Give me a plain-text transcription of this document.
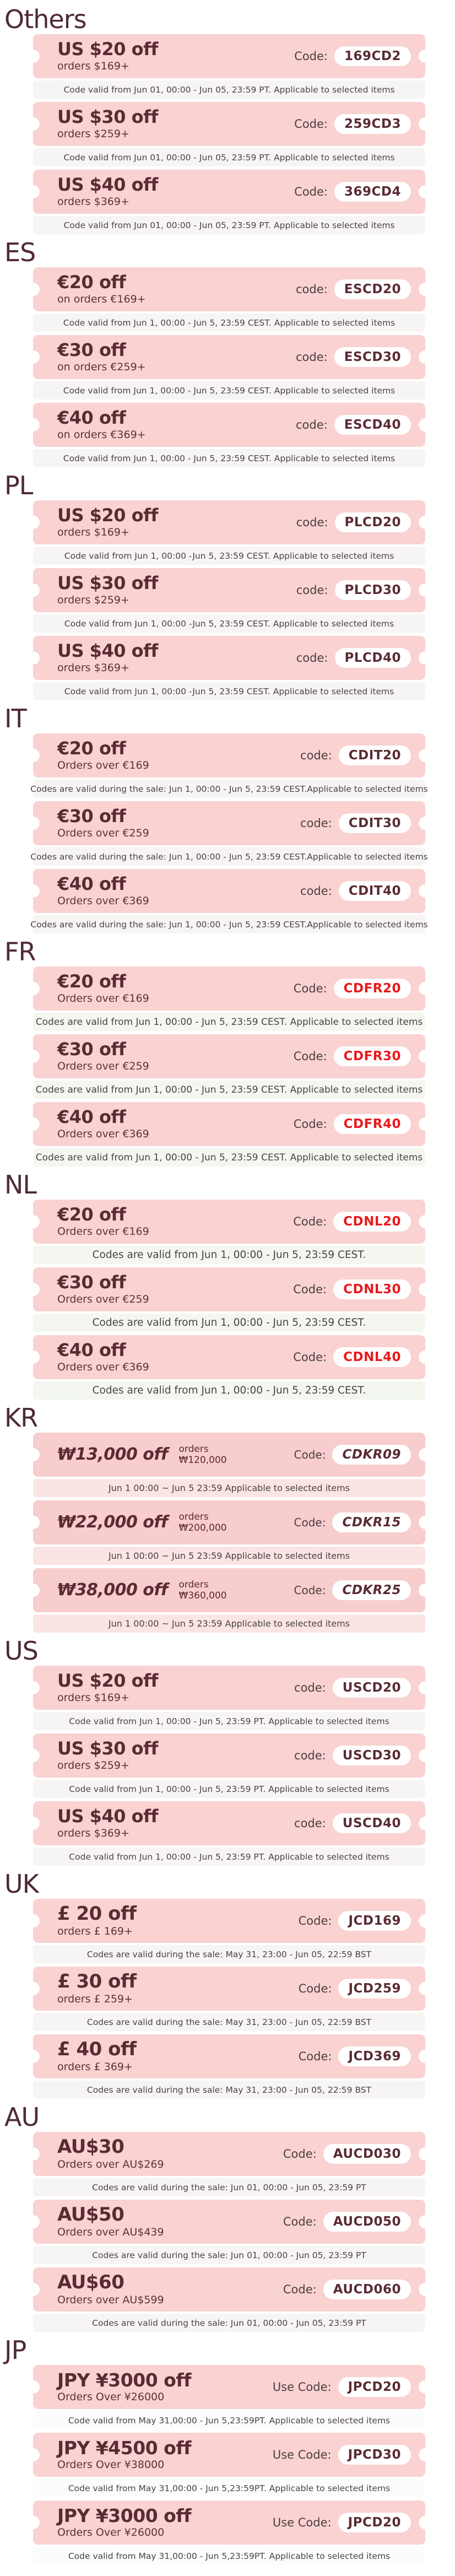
Others
US $20 off
orders $169+
Code:	169CD2
Code valid from Jun 01, 00:00 - Jun 05, 23:59 PT. Applicable to selected items
US $30 off
orders $259+
Code:	259CD3
Code valid from Jun 01, 00:00 - Jun 05, 23:59 PT. Applicable to selected items
US $40 off
orders $369+
Code:	369CD4
Code valid from Jun 01, 00:00 - Jun 05, 23:59 PT. Applicable to selected items
ES
€20 off
on orders €169+
code:	ESCD20
Code valid from Jun 1, 00:00 - Jun 5, 23:59 CEST. Applicable to selected items
€30 off
on orders €259+
code:	ESCD30
Code valid from Jun 1, 00:00 - Jun 5, 23:59 CEST. Applicable to selected items
€40 off
on orders €369+
code:	ESCD40
Code valid from Jun 1, 00:00 - Jun 5, 23:59 CEST. Applicable to selected items
PL
US $20 off
orders $169+
code:	PLCD20
Code valid from Jun 1, 00:00 -Jun 5, 23:59 CEST. Applicable to selected items
US $30 off
orders $259+
code:	PLCD30
Code valid from Jun 1, 00:00 -Jun 5, 23:59 CEST. Applicable to selected items
US $40 off
orders $369+
code:	PLCD40
Code valid from Jun 1, 00:00 -Jun 5, 23:59 CEST. Applicable to selected items
IT
€20 off
Orders over €169
code:	CDIT20
Codes are valid during the sale: Jun 1, 00:00 - Jun 5, 23:59 CEST.Applicable to selected items
€30 off
Orders over €259
code:	CDIT30
Codes are valid during the sale: Jun 1, 00:00 - Jun 5, 23:59 CEST.Applicable to selected items
€40 off
Orders over €369
code:	CDIT40
Codes are valid during the sale: Jun 1, 00:00 - Jun 5, 23:59 CEST.Applicable to selected items
FR
€20 off
Orders over €169
Code:	CDFR20
Codes are valid from Jun 1, 00:00 - Jun 5, 23:59 CEST. Applicable to selected items
€30 off
Orders over €259
Code:	CDFR30
Codes are valid from Jun 1, 00:00 - Jun 5, 23:59 CEST. Applicable to selected items
€40 off
Orders over €369
Code:	CDFR40
Codes are valid from Jun 1, 00:00 - Jun 5, 23:59 CEST. Applicable to selected items
NL
€20 off
Orders over €169
Code:	CDNL20
Codes are valid from Jun 1, 00:00 - Jun 5, 23:59 CEST.
€30 off
Orders over €259
Code:	CDNL30
Codes are valid from Jun 1, 00:00 - Jun 5, 23:59 CEST.
€40 off
Orders over €369
Code:	CDNL40
Codes are valid from Jun 1, 00:00 - Jun 5, 23:59 CEST.
KR
₩13,000 off orders
₩120,000	Code:	CDKR09
Jun 1 00:00 ~ Jun 5 23:59 Applicable to selected items
₩22,000 off orders
₩200,000	Code:	CDKR15
Jun 1 00:00 ~ Jun 5 23:59 Applicable to selected items
₩38,000 off orders
₩360,000	Code:	CDKR25
Jun 1 00:00 ~ Jun 5 23:59 Applicable to selected items
US
US $20 off
orders $169+
code:	USCD20
Code valid from Jun 1, 00:00 - Jun 5, 23:59 PT. Applicable to selected items
US $30 off
orders $259+
code:	USCD30
Code valid from Jun 1, 00:00 - Jun 5, 23:59 PT. Applicable to selected items
US $40 off
orders $369+
code:	USCD40
Code valid from Jun 1, 00:00 - Jun 5, 23:59 PT. Applicable to selected items
UK
£ 20 off
orders £ 169+
Code:	JCD169
Codes are valid during the sale: May 31, 23:00 - Jun 05, 22:59 BST
£ 30 off
orders £ 259+
Code:	JCD259
Codes are valid during the sale: May 31, 23:00 - Jun 05, 22:59 BST
£ 40 off
orders £ 369+
Code:	JCD369
Codes are valid during the sale: May 31, 23:00 - Jun 05, 22:59 BST
AU
AU$30
Orders over AU$269
Code:	AUCD030
Codes are valid during the sale: Jun 01, 00:00 - Jun 05, 23:59 PT
AU$50
Orders over AU$439
Code:	AUCD050
Codes are valid during the sale: Jun 01, 00:00 - Jun 05, 23:59 PT
AU$60
Orders over AU$599
Code:	AUCD060
Codes are valid during the sale: Jun 01, 00:00 - Jun 05, 23:59 PT
JP
JPY ¥3000 off
Orders Over ¥26000
Use Code:	JPCD20
Code valid from May 31,00:00 - Jun 5,23:59PT. Applicable to selected items
JPY ¥4500 off
Orders Over ¥38000
Use Code:	JPCD30
Code valid from May 31,00:00 - Jun 5,23:59PT. Applicable to selected items
JPY ¥3000 off
Orders Over ¥26000
Use Code:	JPCD20
Code valid from May 31,00:00 - Jun 5,23:59PT. Applicable to selected items
